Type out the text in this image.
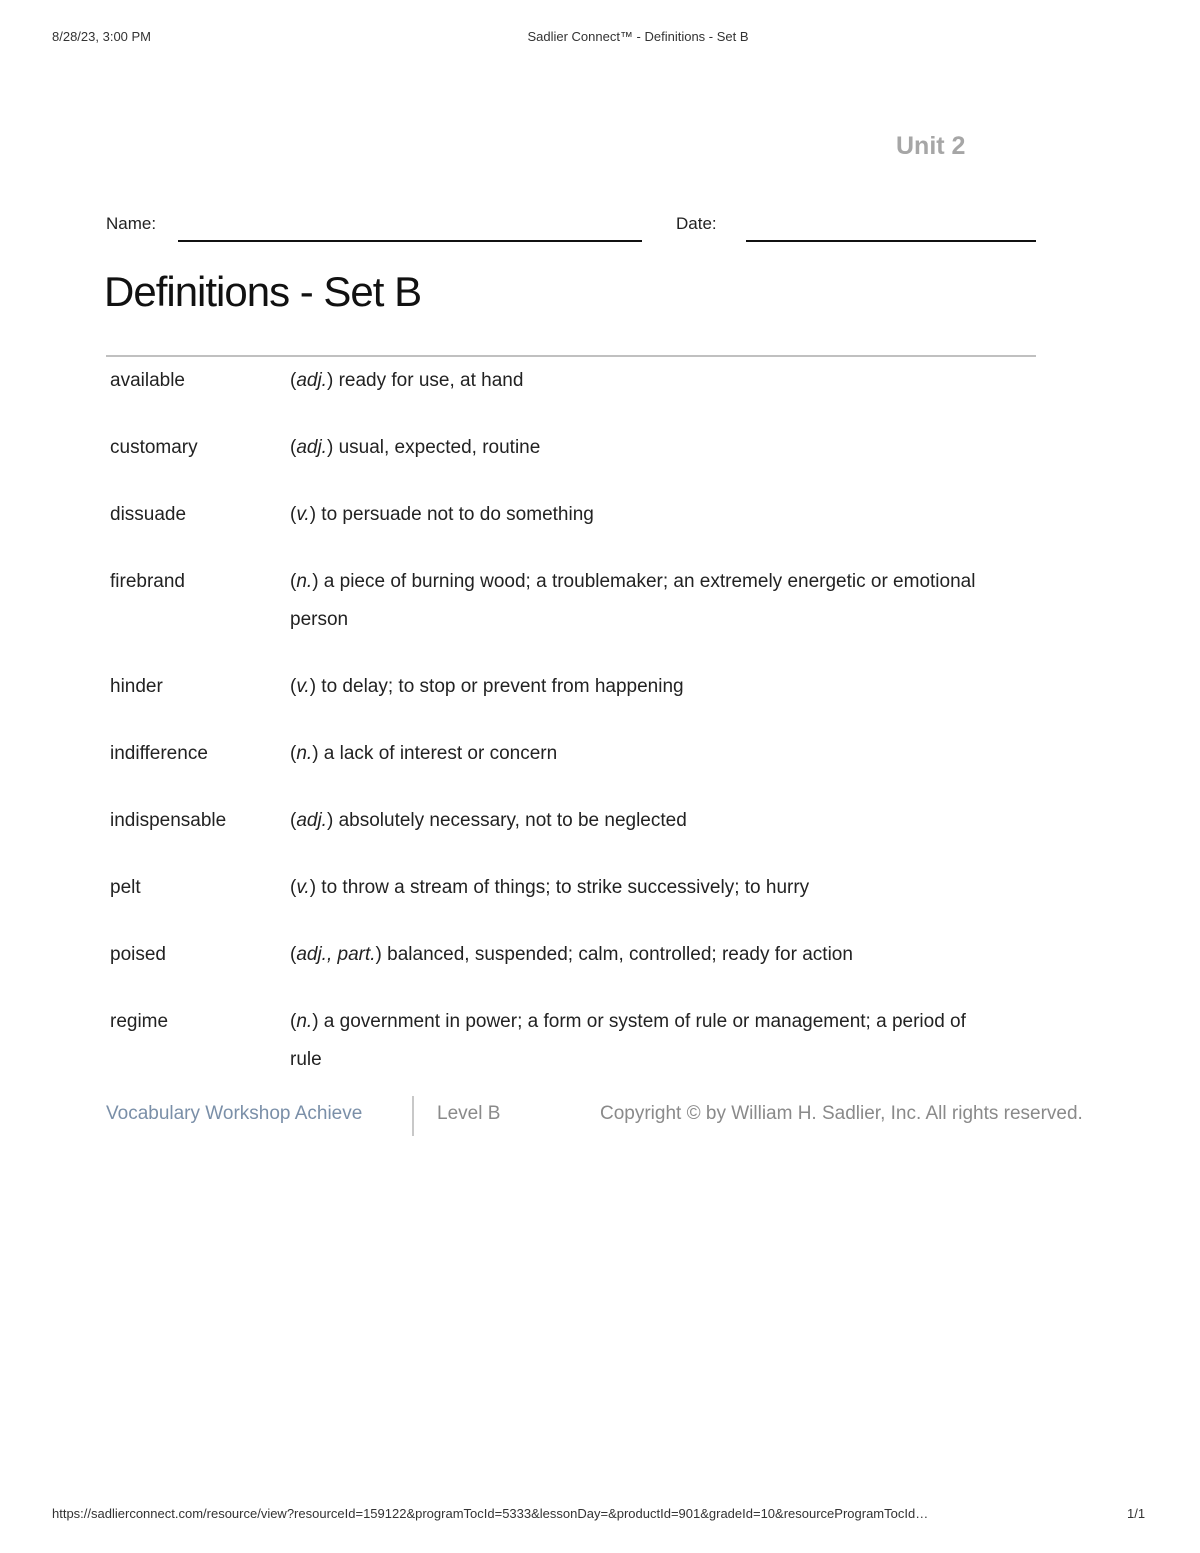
8/28/23, 3:00 PM	Sadlier Connect™ - Definitions - Set B
Unit 2
Name:	Date:
Definitions - Set B
available	(adj.) ready for use, at hand
customary	(adj.) usual, expected, routine
dissuade	(v.) to persuade not to do something
firebrand	(n.) a piece of burning wood; a troublemaker; an extremely energetic or emotional person
hinder	(v.) to delay; to stop or prevent from happening
indifference	(n.) a lack of interest or concern
indispensable	(adj.) absolutely necessary, not to be neglected
pelt	(v.) to throw a stream of things; to strike successively; to hurry
poised	(adj., part.) balanced, suspended; calm, controlled; ready for action
regime	(n.) a government in power; a form or system of rule or management; a period of rule
Vocabulary Workshop Achieve	Level B	Copyright © by William H. Sadlier, Inc. All rights reserved.
https://sadlierconnect.com/resource/view?resourceId=159122&programTocId=5333&lessonDay=&productId=901&gradeId=10&resourceProgramTocId…	1/1
